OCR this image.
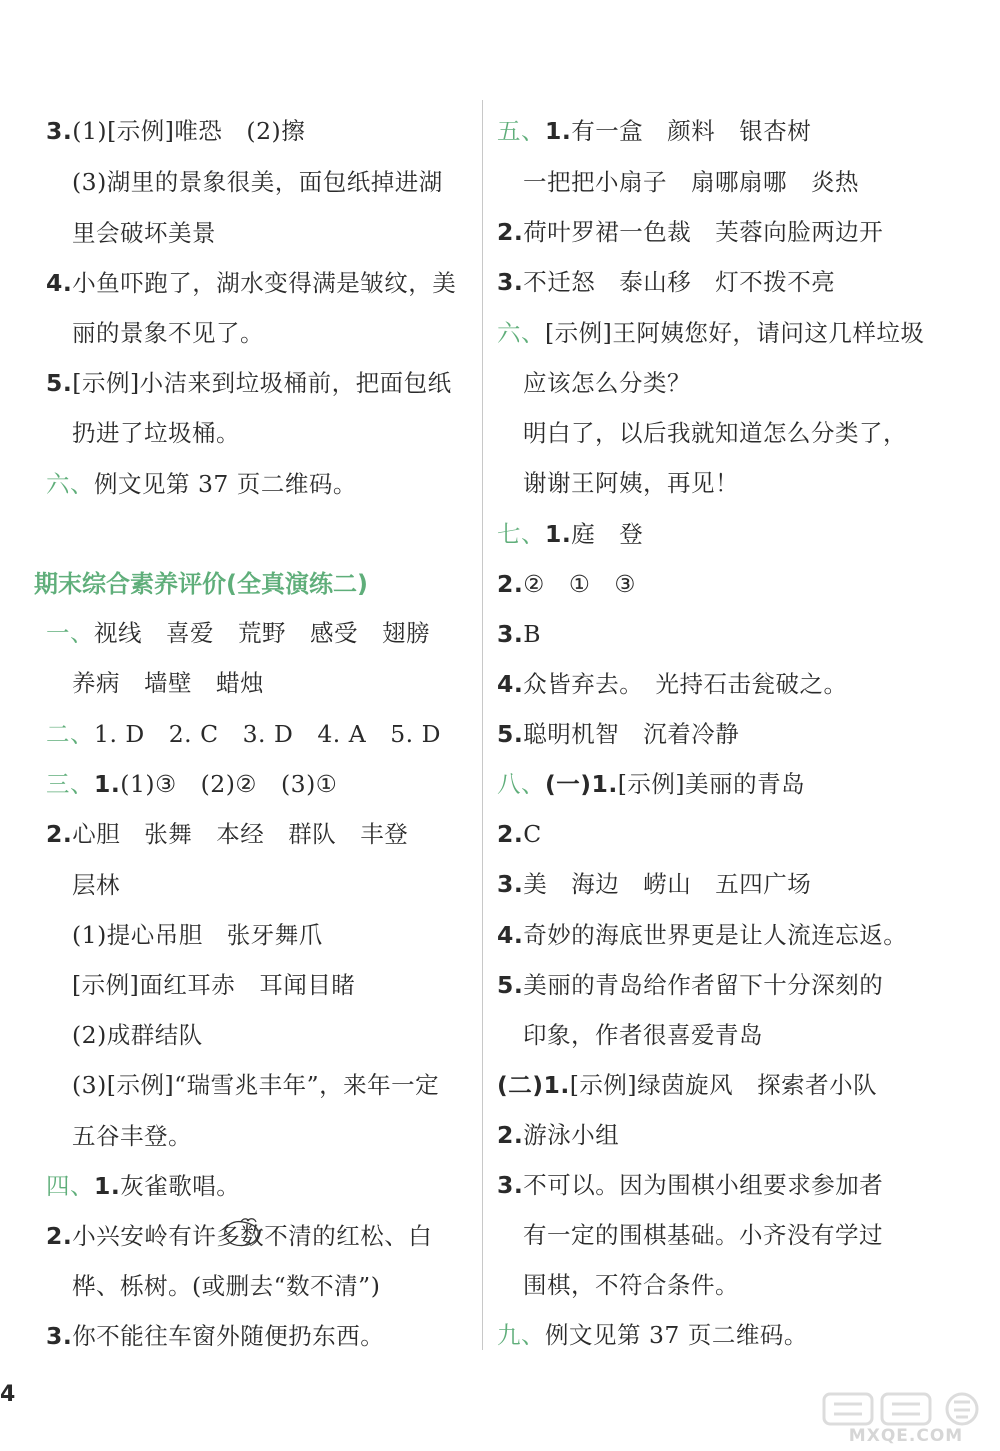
3.(1)[示例]唯恐　(2)擦
(3)湖里的景象很美，面包纸掉进湖
里会破坏美景
4.小鱼吓跑了，湖水变得满是皱纹，美
丽的景象不见了。
5.[示例]小洁来到垃圾桶前，把面包纸
扔进了垃圾桶。
六、例文见第 37 页二维码。
一、视线　喜爱　荒野　感受　翅膀
养病　墙壁　蜡烛
二、1. D　2. C　3. D　4. A　5. D
三、1.(1)③　(2)②　(3)①
2.心胆　张舞　本经　群队　丰登
层林
(1)提心吊胆　张牙舞爪
[示例]面红耳赤　耳闻目睹
(2)成群结队
(3)[示例]“瑞雪兆丰年”，来年一定
五谷丰登。
四、1.灰雀歌唱。
2.小兴安岭有许多数不清的红松、白
桦、栎树。(或删去“数不清”)
3.你不能往车窗外随便扔东西。
五、1.有一盒　颜料　银杏树
一把把小扇子　扇哪扇哪　炎热
2.荷叶罗裙一色裁　芙蓉向脸两边开
3.不迁怒　泰山移　灯不拨不亮
六、[示例]王阿姨您好，请问这几样垃圾
应该怎么分类？
明白了，以后我就知道怎么分类了，
谢谢王阿姨，再见！
七、1.庭　登
2.②　①　③
3.B
4.众皆弃去。　光持石击瓮破之。
5.聪明机智　沉着冷静
八、(一)1.[示例]美丽的青岛
2.C
3.美　海边　崂山　五四广场
4.奇妙的海底世界更是让人流连忘返。
5.美丽的青岛给作者留下十分深刻的
印象，作者很喜爱青岛
(二)1.[示例]绿茵旋风　探索者小队
2.游泳小组
3.不可以。因为围棋小组要求参加者
有一定的围棋基础。小齐没有学过
围棋，不符合条件。
九、例文见第 37 页二维码。
期末综合素养评价(全真演练二)
4
MXQE.COM
